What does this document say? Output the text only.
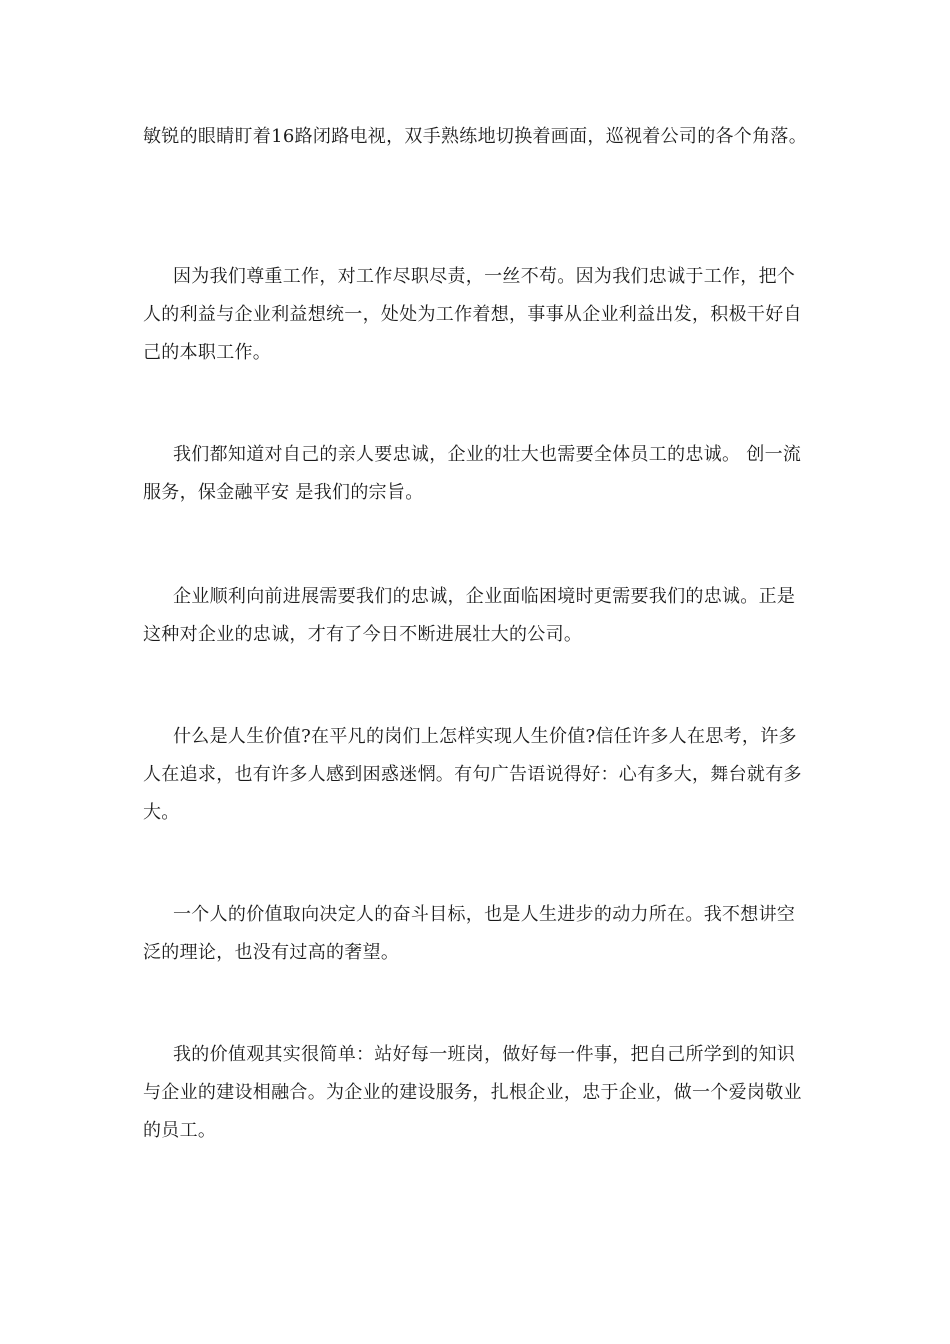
敏锐的眼睛盯着16路闭路电视，双手熟练地切换着画面，巡视着公司的各个角落。

因为我们尊重工作，对工作尽职尽责，一丝不苟。因为我们忠诚于工作，把个人的利益与企业利益想统一，处处为工作着想，事事从企业利益出发，积极干好自己的本职工作。

我们都知道对自己的亲人要忠诚，企业的壮大也需要全体员工的忠诚。 创一流服务，保金融平安 是我们的宗旨。

企业顺利向前进展需要我们的忠诚，企业面临困境时更需要我们的忠诚。正是这种对企业的忠诚，才有了今日不断进展壮大的公司。

什么是人生价值?在平凡的岗们上怎样实现人生价值?信任许多人在思考，许多人在追求，也有许多人感到困惑迷惘。有句广告语说得好：心有多大，舞台就有多大。

一个人的价值取向决定人的奋斗目标，也是人生进步的动力所在。我不想讲空泛的理论，也没有过高的奢望。

我的价值观其实很简单：站好每一班岗，做好每一件事，把自己所学到的知识与企业的建设相融合。为企业的建设服务，扎根企业，忠于企业，做一个爱岗敬业的员工。
